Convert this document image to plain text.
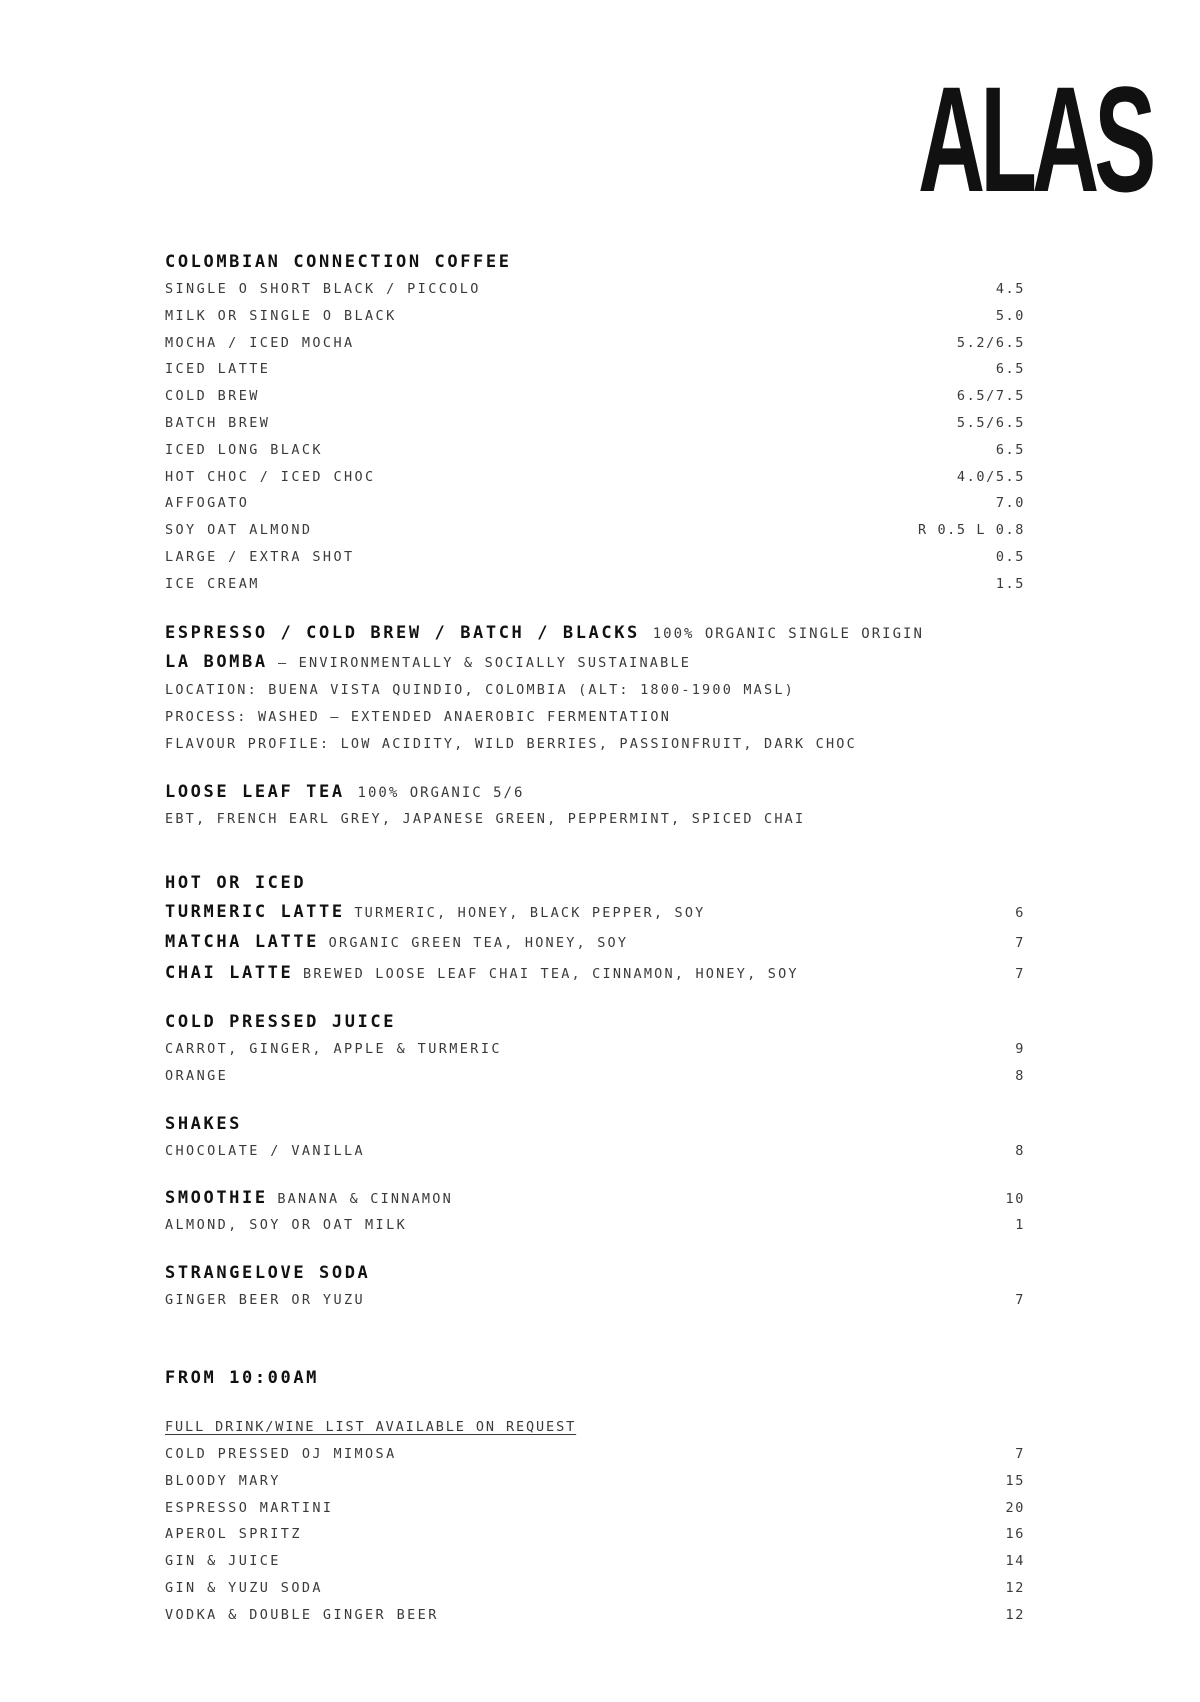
ALAS
COLOMBIAN CONNECTION COFFEE
SINGLE O SHORT BLACK / PICCOLO	4.5
MILK OR SINGLE O BLACK	5.0
MOCHA / ICED MOCHA	5.2/6.5
ICED LATTE	6.5
COLD BREW	6.5/7.5
BATCH BREW	5.5/6.5
ICED LONG BLACK	6.5
HOT CHOC / ICED CHOC	4.0/5.5
AFFOGATO	7.0
SOY OAT ALMOND	R 0.5 L 0.8
LARGE / EXTRA SHOT	0.5
ICE CREAM	1.5
ESPRESSO / COLD BREW / BATCH / BLACKS 100% ORGANIC SINGLE ORIGIN
LA BOMBA – ENVIRONMENTALLY & SOCIALLY SUSTAINABLE
LOCATION: BUENA VISTA QUINDIO, COLOMBIA (ALT: 1800-1900 MASL)
PROCESS: WASHED – EXTENDED ANAEROBIC FERMENTATION
FLAVOUR PROFILE: LOW ACIDITY, WILD BERRIES, PASSIONFRUIT, DARK CHOC
LOOSE LEAF TEA 100% ORGANIC 5/6
EBT, FRENCH EARL GREY, JAPANESE GREEN, PEPPERMINT, SPICED CHAI
HOT OR ICED
TURMERIC LATTE TURMERIC, HONEY, BLACK PEPPER, SOY	6
MATCHA LATTE ORGANIC GREEN TEA, HONEY, SOY	7
CHAI LATTE BREWED LOOSE LEAF CHAI TEA, CINNAMON, HONEY, SOY	7
COLD PRESSED JUICE
CARROT, GINGER, APPLE & TURMERIC	9
ORANGE	8
SHAKES
CHOCOLATE / VANILLA	8
SMOOTHIE BANANA & CINNAMON	10
ALMOND, SOY OR OAT MILK	1
STRANGELOVE SODA
GINGER BEER OR YUZU	7
FROM 10:00AM
FULL DRINK/WINE LIST AVAILABLE ON REQUEST
COLD PRESSED OJ MIMOSA	7
BLOODY MARY	15
ESPRESSO MARTINI	20
APEROL SPRITZ	16
GIN & JUICE	14
GIN & YUZU SODA	12
VODKA & DOUBLE GINGER BEER	12
